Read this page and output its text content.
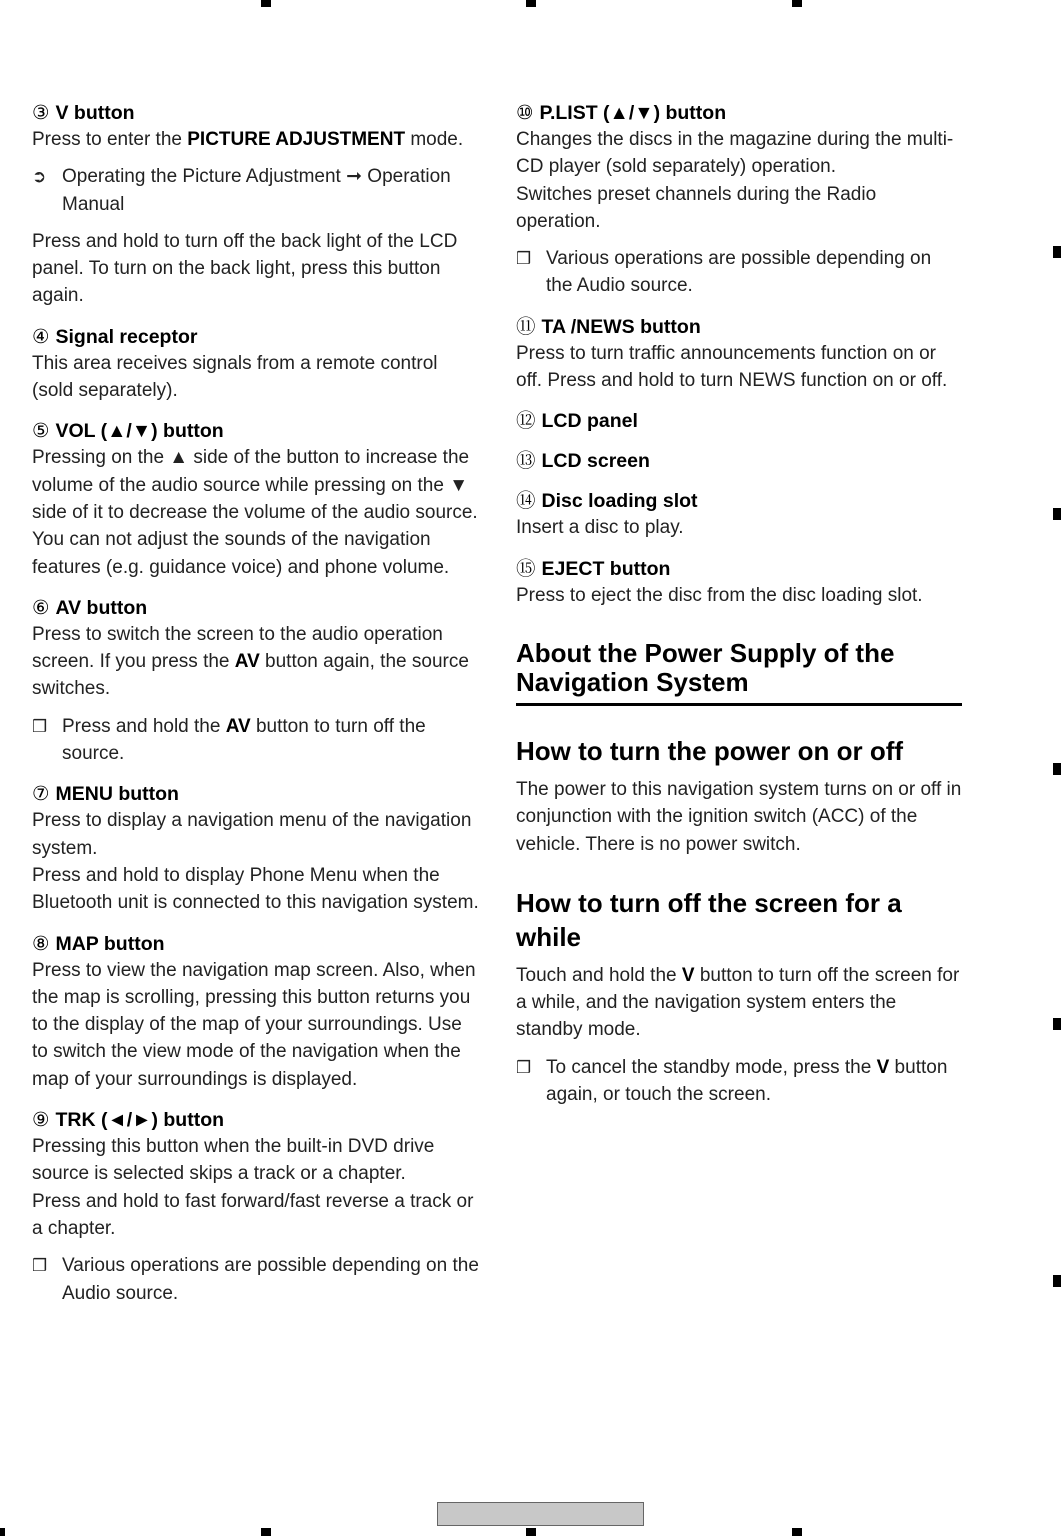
③ V button

Press to enter the PICTURE ADJUSTMENT mode.

➲ Operating the Picture Adjustment ➞ Operation Manual

Press and hold to turn off the back light of the LCD panel. To turn on the back light, press this button again.

④ Signal receptor

This area receives signals from a remote control (sold separately).

⑤ VOL (▲/▼) button

Pressing on the ▲ side of the button to increase the volume of the audio source while pressing on the ▼ side of it to decrease the volume of the audio source.

You can not adjust the sounds of the navigation features (e.g. guidance voice) and phone volume.

⑥ AV button

Press to switch the screen to the audio operation screen. If you press the AV button again, the source switches.

❒ Press and hold the AV button to turn off the source.

⑦ MENU button

Press to display a navigation menu of the navigation system.

Press and hold to display Phone Menu when the Bluetooth unit is connected to this navigation system.

⑧ MAP button

Press to view the navigation map screen. Also, when the map is scrolling, pressing this button returns you to the display of the map of your surroundings. Use to switch the view mode of the navigation when the map of your surroundings is displayed.

⑨ TRK (◄/►) button

Pressing this button when the built-in DVD drive source is selected skips a track or a chapter.

Press and hold to fast forward/fast reverse a track or a chapter.

❒ Various operations are possible depending on the Audio source.

⑩ P.LIST (▲/▼) button

Changes the discs in the magazine during the multi-CD player (sold separately) operation.

Switches preset channels during the Radio operation.

❒ Various operations are possible depending on the Audio source.

⑪ TA /NEWS button

Press to turn traffic announcements function on or off. Press and hold to turn NEWS function on or off.

⑫ LCD panel
⑬ LCD screen
⑭ Disc loading slot

Insert a disc to play.

⑮ EJECT button

Press to eject the disc from the disc loading slot.

About the Power Supply of the Navigation System
How to turn the power on or off

The power to this navigation system turns on or off in conjunction with the ignition switch (ACC) of the vehicle. There is no power switch.

How to turn off the screen for a while

Touch and hold the V button to turn off the screen for a while, and the navigation system enters the standby mode.

❒ To cancel the standby mode, press the V button again, or touch the screen.
